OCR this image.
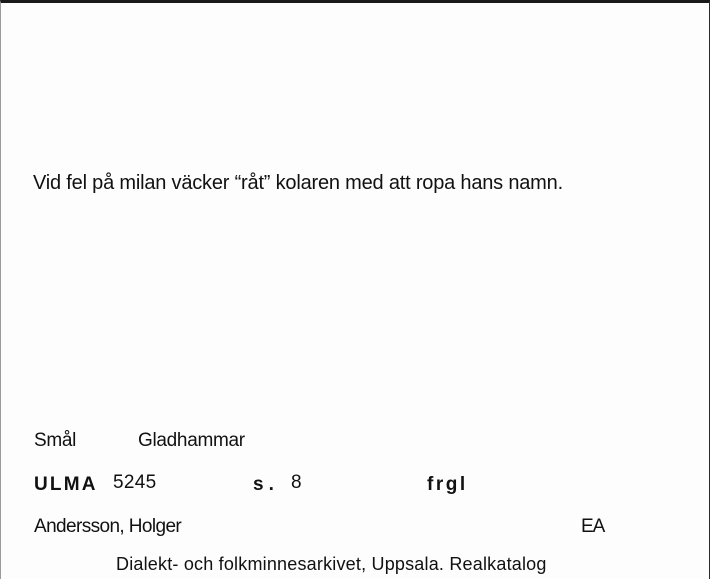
Vid fel på milan väcker “råt” kolaren med att ropa hans namn.
Smål	Gladhammar
ULMA 5245	s. 8	frgl
Andersson, Holger	EA
Dialekt- och folkminnesarkivet, Uppsala. Realkatalog
